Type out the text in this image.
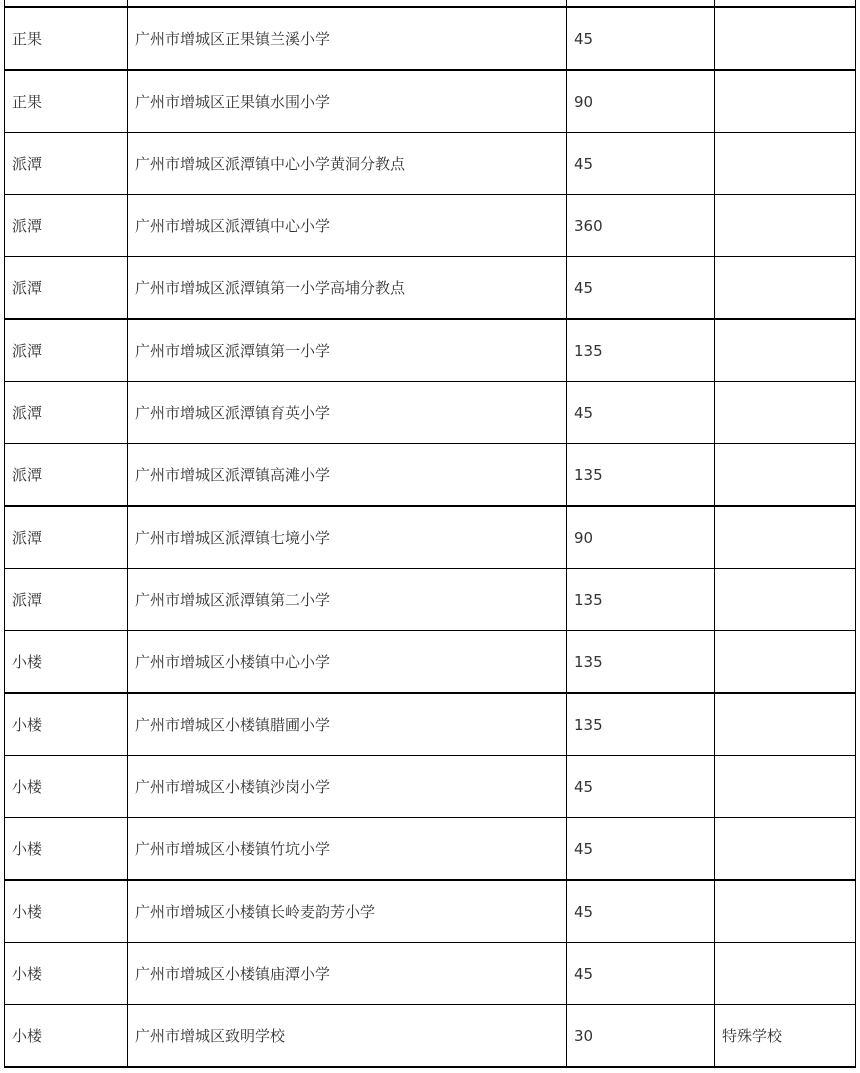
正果	广州市增城区正果镇兰溪小学	45	
正果	广州市增城区正果镇水围小学	90	
派潭	广州市增城区派潭镇中心小学黄洞分教点	45	
派潭	广州市增城区派潭镇中心小学	360	
派潭	广州市增城区派潭镇第一小学高埔分教点	45	
派潭	广州市增城区派潭镇第一小学	135	
派潭	广州市增城区派潭镇育英小学	45	
派潭	广州市增城区派潭镇高滩小学	135	
派潭	广州市增城区派潭镇七境小学	90	
派潭	广州市增城区派潭镇第二小学	135	
小楼	广州市增城区小楼镇中心小学	135	
小楼	广州市增城区小楼镇腊圃小学	135	
小楼	广州市增城区小楼镇沙岗小学	45	
小楼	广州市增城区小楼镇竹坑小学	45	
小楼	广州市增城区小楼镇长岭麦韵芳小学	45	
小楼	广州市增城区小楼镇庙潭小学	45	
小楼	广州市增城区致明学校	30	特殊学校
